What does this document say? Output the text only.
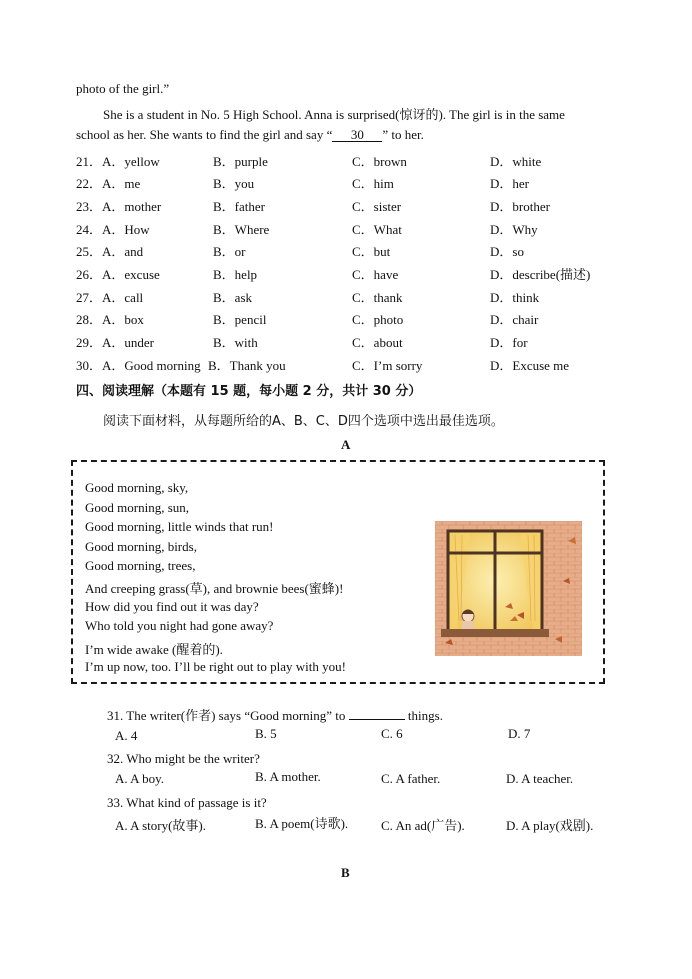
photo of the girl.”
She is a student in No. 5 High School. Anna is surprised(惊讶的). The girl is in the same
school as her. She wants to find the girl and say “ 30 ” to her.
21．A．yellow	B．purple	C．brown	D．white
22．A．me	B．you	C．him	D．her
23．A．mother	B．father	C．sister	D．brother
24．A．How	B．Where	C．What	D．Why
25．A．and	B．or	C．but	D．so
26．A．excuse	B．help	C．have	D．describe(描述)
27．A．call	B．ask	C．thank	D．think
28．A．box	B．pencil	C．photo	D．chair
29．A．under	B．with	C．about	D．for
30．A．Good morning B．Thank you	C．I’m sorry	D．Excuse me
四、阅读理解（本题有 15 题，每小题 2 分，共计 30 分）
阅读下面材料，从每题所给的A、B、C、D四个选项中选出最佳选项。
A
Good morning, sky,
Good morning, sun,
Good morning, little winds that run!
Good morning, birds,
Good morning, trees,
And creeping grass(草), and brownie bees(蜜蜂)!
How did you find out it was day?
Who told you night had gone away?
I’m wide awake (醒着的).
I’m up now, too. I’ll be right out to play with you!
31. The writer(作者) says “Good morning” to	things.
A. 4	B. 5	C. 6	D. 7
32. Who might be the writer?
A. A boy.	B. A mother.	C. A father.	D. A teacher.
33. What kind of passage is it?
A. A story(故事).	B. A poem(诗歌).	C. An ad(广告).	D. A play(戏剧).
B
